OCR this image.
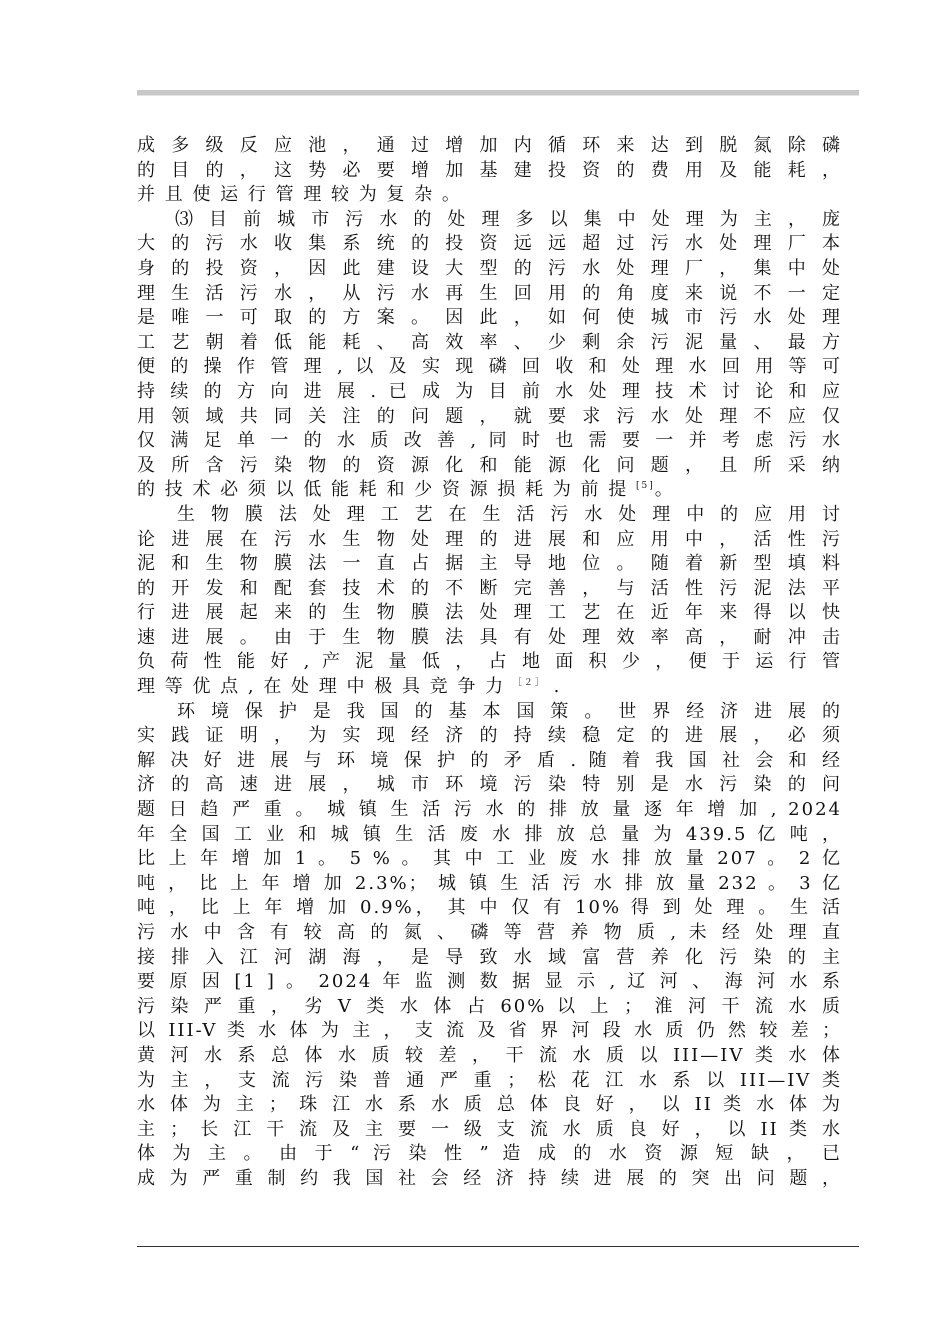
成 多 级 反 应 池 ， 通 过 增 加 内 循 环 来 达 到 脱 氮 除 磷
的 目 的 ， 这 势 必 要 增 加 基 建 投 资 的 费 用 及 能 耗 ，
并 且 使 运 行 管 理 较 为 复 杂 。
⑶ 目 前 城 市 污 水 的 处 理 多 以 集 中 处 理 为 主 ， 庞
大 的 污 水 收 集 系 统 的 投 资 远 远 超 过 污 水 处 理 厂 本
身 的 投 资 ， 因 此 建 设 大 型 的 污 水 处 理 厂 ， 集 中 处
理 生 活 污 水 ， 从 污 水 再 生 回 用 的 角 度 来 说 不 一 定
是 唯 一 可 取 的 方 案 。 因 此 ， 如 何 使 城 市 污 水 处 理
工 艺 朝 着 低 能 耗 、 高 效 率 、 少 剩 余 污 泥 量 、 最 方
便 的 操 作 管 理 , 以 及 实 现 磷 回 收 和 处 理 水 回 用 等 可
持 续 的 方 向 进 展 . 已 成 为 目 前 水 处 理 技 术 讨 论 和 应
用 领 域 共 同 关 注 的 问 题 ， 就 要 求 污 水 处 理 不 应 仅
仅 满 足 单 一 的 水 质 改 善 , 同 时 也 需 要 一 并 考 虑 污 水
及 所 含 污 染 物 的 资 源 化 和 能 源 化 问 题 ， 且 所 采 纳
的 技 术 必 须 以 低 能 耗 和 少 资 源 损 耗 为 前 提 [5]。
生 物 膜 法 处 理 工 艺 在 生 活 污 水 处 理 中 的 应 用 讨
论 进 展 在 污 水 生 物 处 理 的 进 展 和 应 用 中 ， 活 性 污
泥 和 生 物 膜 法 一 直 占 据 主 导 地 位 。 随 着 新 型 填 料
的 开 发 和 配 套 技 术 的 不 断 完 善 ， 与 活 性 污 泥 法 平
行 进 展 起 来 的 生 物 膜 法 处 理 工 艺 在 近 年 来 得 以 快
速 进 展 。 由 于 生 物 膜 法 具 有 处 理 效 率 高 ， 耐 冲 击
负 荷 性 能 好 , 产 泥 量 低 ， 占 地 面 积 少 ， 便 于 运 行 管
理 等 优 点 , 在 处 理 中 极 具 竞 争 力 $^{[2]}$ .
环 境 保 护 是 我 国 的 基 本 国 策 。 世 界 经 济 进 展 的
实 践 证 明 ， 为 实 现 经 济 的 持 续 稳 定 的 进 展 ， 必 须
解 决 好 进 展 与 环 境 保 护 的 矛 盾 . 随 着 我 国 社 会 和 经
济 的 高 速 进 展 ， 城 市 环 境 污 染 特 别 是 水 污 染 的 问
题 日 趋 严 重 。 城 镇 生 活 污 水 的 排 放 量 逐 年 增 加 , 2024
年 全 国 工 业 和 城 镇 生 活 废 水 排 放 总 量 为 439.5 亿 吨 ，
比 上 年 增 加 1 。 5 % 。 其 中 工 业 废 水 排 放 量 207 。 2 亿
吨 ， 比 上 年 增 加 2.3%； 城 镇 生 活 污 水 排 放 量 232 。 3 亿
吨 ， 比 上 年 增 加 0.9%， 其 中 仅 有 10% 得 到 处 理 。 生 活
污 水 中 含 有 较 高 的 氮 、 磷 等 营 养 物 质 , 未 经 处 理 直
接 排 入 江 河 湖 海 ， 是 导 致 水 域 富 营 养 化 污 染 的 主
要 原 因 [1 ] 。 2024 年 监 测 数 据 显 示 , 辽 河 、 海 河 水 系
污 染 严 重 ， 劣 Ⅴ 类 水 体 占 60% 以 上 ； 淮 河 干 流 水 质
以 III-V 类 水 体 为 主 ， 支 流 及 省 界 河 段 水 质 仍 然 较 差 ；
黄 河 水 系 总 体 水 质 较 差 ， 干 流 水 质 以 III—IV 类 水 体
为 主 ， 支 流 污 染 普 通 严 重 ； 松 花 江 水 系 以 III—IV 类
水 体 为 主 ； 珠 江 水 系 水 质 总 体 良 好 ， 以 II 类 水 体 为
主 ； 长 江 干 流 及 主 要 一 级 支 流 水 质 良 好 ， 以 II 类 水
体 为 主 。 由 于 “ 污 染 性 ” 造 成 的 水 资 源 短 缺 ， 已
成 为 严 重 制 约 我 国 社 会 经 济 持 续 进 展 的 突 出 问 题 ，
